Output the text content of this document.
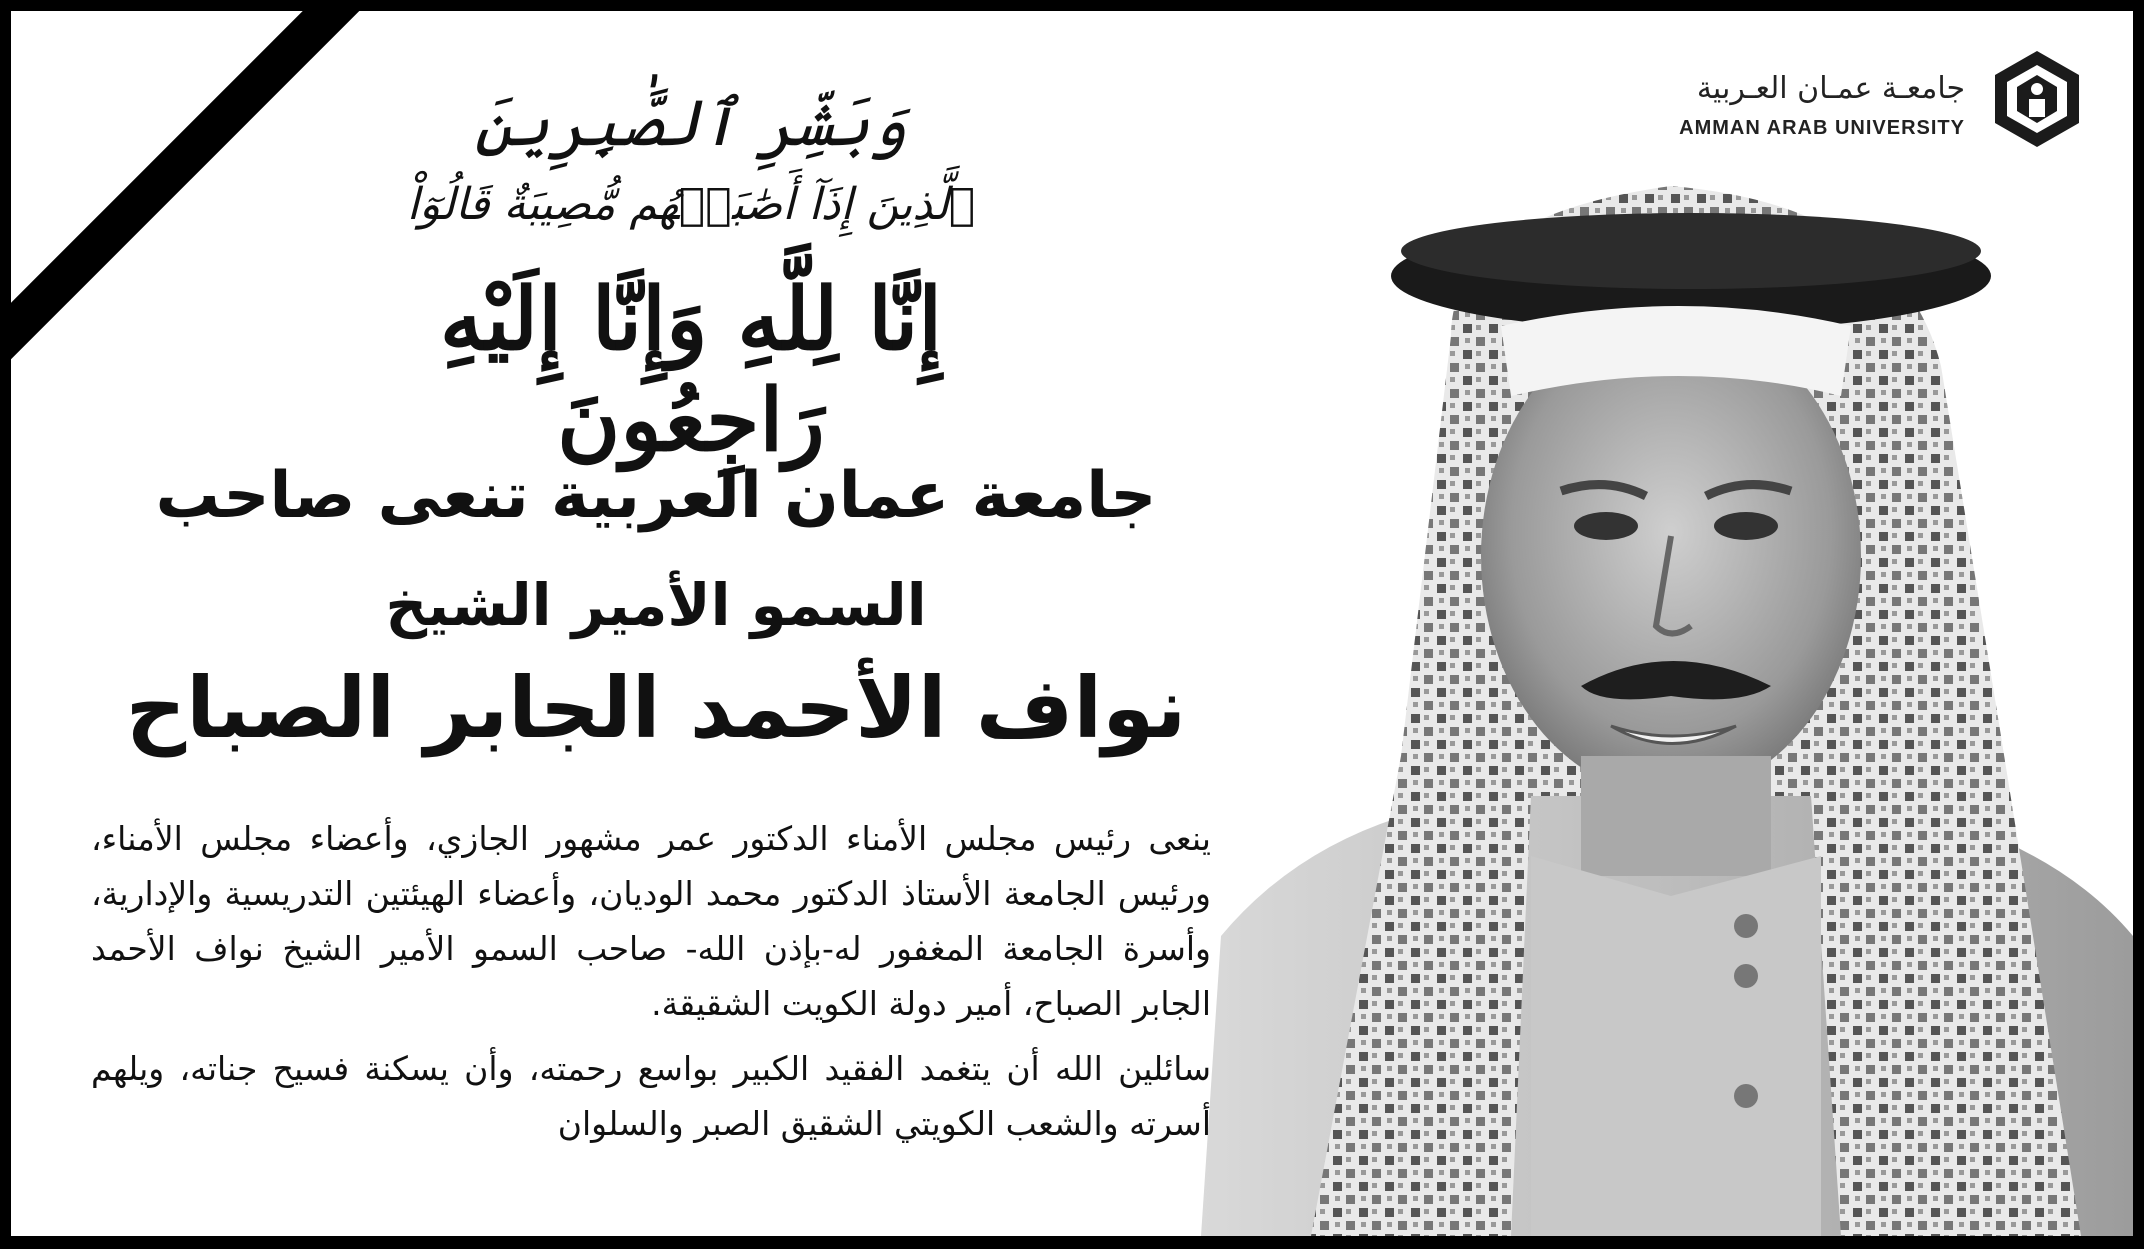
جامعـة عمـان العـربية
AMMAN ARAB UNIVERSITY
وَبَشِّرِ ٱلصَّٰبِرِينَ
ٱلَّذِينَ إِذَآ أَصَٰبَتۡهُم مُّصِيبَةٌ قَالُوٓاْ
إِنَّا لِلَّهِ وَإِنَّا إِلَيْهِ رَاجِعُونَ
جامعة عمان العربية تنعى صاحب
السمو الأمير الشيخ
نواف الأحمد الجابر الصباح

ينعى رئيس مجلس الأمناء الدكتور عمر مشهور الجازي، وأعضاء مجلس الأمناء، ورئيس الجامعة الأستاذ الدكتور محمد الوديان، وأعضاء الهيئتين التدريسية والإدارية، وأسرة الجامعة المغفور له-بإذن الله- صاحب السمو الأمير الشيخ نواف الأحمد الجابر الصباح، أمير دولة الكويت الشقيقة.

سائلين الله أن يتغمد الفقيد الكبير بواسع رحمته، وأن يسكنة فسيح جناته، ويلهم أسرته والشعب الكويتي الشقيق الصبر والسلوان
